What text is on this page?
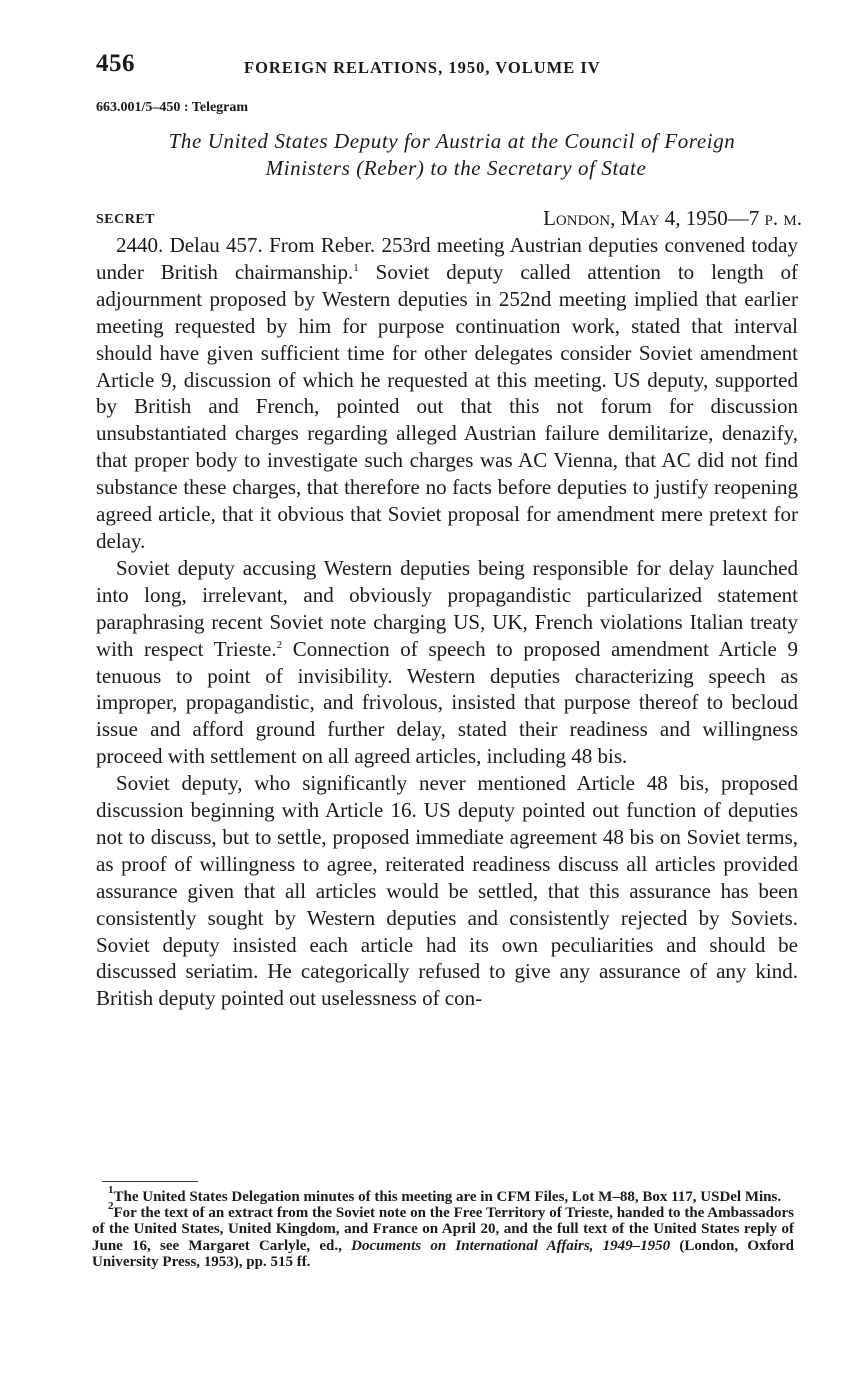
456	FOREIGN RELATIONS, 1950, VOLUME IV
663.001/5–450 : Telegram
The United States Deputy for Austria at the Council of Foreign
Ministers (Reber) to the Secretary of State
SECRET	London, May 4, 1950—7 p. m.

2440. Delau 457. From Reber. 253rd meeting Austrian deputies convened today under British chairmanship.$^1$ Soviet deputy called attention to length of adjournment proposed by Western deputies in 252nd meeting implied that earlier meeting requested by him for purpose continuation work, stated that interval should have given sufficient time for other delegates consider Soviet amendment Article 9, discussion of which he requested at this meeting. US deputy, supported by British and French, pointed out that this not forum for discussion unsubstantiated charges regarding alleged Austrian failure demilitarize, denazify, that proper body to investigate such charges was AC Vienna, that AC did not find substance these charges, that therefore no facts before deputies to justify reopening agreed article, that it obvious that Soviet proposal for amendment mere pretext for delay.

Soviet deputy accusing Western deputies being responsible for delay launched into long, irrelevant, and obviously propagandistic particularized statement paraphrasing recent Soviet note charging US, UK, French violations Italian treaty with respect Trieste.$^2$ Connection of speech to proposed amendment Article 9 tenuous to point of invisibility. Western deputies characterizing speech as improper, propagandistic, and frivolous, insisted that purpose thereof to becloud issue and afford ground further delay, stated their readiness and willingness proceed with settlement on all agreed articles, including 48 bis.

Soviet deputy, who significantly never mentioned Article 48 bis, proposed discussion beginning with Article 16. US deputy pointed out function of deputies not to discuss, but to settle, proposed immediate agreement 48 bis on Soviet terms, as proof of willingness to agree, reiterated readiness discuss all articles provided assurance given that all articles would be settled, that this assurance has been consistently sought by Western deputies and consistently rejected by Soviets. Soviet deputy insisted each article had its own peculiarities and should be discussed seriatim. He categorically refused to give any assurance of any kind. British deputy pointed out uselessness of con-

$^1$The United States Delegation minutes of this meeting are in CFM Files, Lot M–88, Box 117, USDel Mins.

$^2$For the text of an extract from the Soviet note on the Free Territory of Trieste, handed to the Ambassadors of the United States, United Kingdom, and France on April 20, and the full text of the United States reply of June 16, see Margaret Carlyle, ed., Documents on International Affairs, 1949–1950 (London, Oxford University Press, 1953), pp. 515 ff.
